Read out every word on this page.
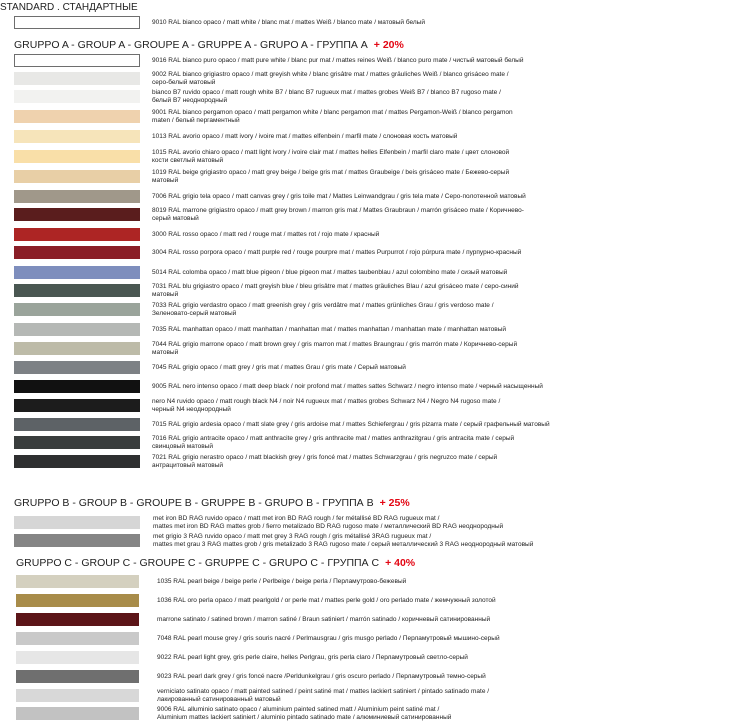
STANDARD . СТАНДАРТНЫЕ
9010 RAL bianco opaco / matt white / blanc mat / mattes Weiß / blanco mate / матовый белый
GRUPPO A - GROUP A - GROUPE A - GRUPPE A - GRUPO A - ГРУППА А + 20%
9016 RAL bianco puro opaco / matt pure white / blanc pur mat / mattes reines Weiß / blanco puro mate / чистый матовый белый
9002 RAL bianco grigiastro opaco / matt greyish white / blanc grisâtre mat / mattes gräuliches Weiß / blanco grisáceo mate /
серо-белый матовый
bianco B7 ruvido opaco / matt rough white B7 / blanc B7 rugueux mat / mattes grobes Weiß B7 / blanco B7 rugoso mate /
белый B7 неоднородный
9001 RAL bianco pergamon opaco / matt pergamon white / blanc pergamon mat / mattes Pergamon-Weiß / blanco pergamon
maten / белый пергаментный
1013 RAL avorio opaco / matt ivory / ivoire mat / mattes elfenbein / marfil mate / слоновая кость матовый
1015 RAL avorio chiaro opaco / matt light ivory / ivoire clair mat / mattes helles Elfenbein / marfil claro mate / цвет слоновой
кости светлый матовый
1019 RAL beige grigiastro opaco / matt grey beige / beige gris mat / mattes Graubeige / beis grisáceo mate / Бежево-серый
матовый
7006 RAL grigio tela opaco / matt canvas grey / gris toile mat / Mattes Leinwandgrau / gris tela mate / Серо-полотенной матовый
8019 RAL marrone grigiastro opaco / matt grey brown / marron gris mat / Mattes Graubraun / marrón grisáceo mate / Коричнево-
серый матовый
3000 RAL rosso opaco / matt red / rouge mat / mattes rot / rojo mate / красный
3004 RAL rosso porpora opaco / matt purple red / rouge pourpre mat / mattes Purpurrot / rojo púrpura mate / пурпурно-красный
5014 RAL colomba opaco / matt blue pigeon / blue pigeon mat / mattes taubenblau / azul colombino mate / сизый матовый
7031 RAL blu grigiastro opaco / matt greyish blue / bleu grisâtre mat / mattes gräuliches Blau / azul grisáceo mate / серо-синий
матовый
7033 RAL grigio verdastro opaco / matt greenish grey / gris verdâtre mat / mattes grünliches Grau / gris verdoso mate /
Зеленовато-серый матовый
7035 RAL manhattan opaco / matt manhattan / manhattan mat / mattes manhattan / manhattan mate / manhattan матовый
7044 RAL grigio marrone opaco / matt brown grey / gris marron mat / mattes Braungrau / gris marrón mate / Коричнево-серый
матовый
7045 RAL grigio opaco / matt grey / gris mat / mattes Grau / gris mate / Серый матовый
9005 RAL nero intenso opaco / matt deep black / noir profond mat / mattes sattes Schwarz / negro intenso mate / черный насыщенный
nero N4 ruvido opaco / matt rough black N4 / noir N4 rugueux mat / mattes grobes Schwarz N4 / Negro N4 rugoso mate /
черный N4 неоднородный
7015 RAL grigio ardesia opaco / matt slate grey / gris ardoise mat / mattes Schiefergrau / gris pizarra mate / серый графельный матовый
7016 RAL grigio antracite opaco / matt anthracite grey / gris anthracite mat / mattes anthrazitgrau / gris antracita mate / серый
свинцовый матовый
7021 RAL grigio nerastro opaco / matt blackish grey / gris foncé mat / mattes Schwarzgrau / gris negruzco mate / серый
антрацитовый матовый
GRUPPO B - GROUP B - GROUPE B - GRUPPE B - GRUPO B - ГРУППА В + 25%
met iron BD RAG ruvido opaco / matt met iron BD RAG rough / fer métallisé BD RAG rugueux mat /
mattes met iron BD RAG mattes grob / fierro metalizado BD RAG rugoso mate / металлический BD RAG неоднородный
met grigio 3 RAG ruvido opaco / matt met grey 3 RAG rough / gris métallisé 3RAG rugueux mat /
mattes met grau 3 RAG mattes grob / gris metalizado 3 RAG rugoso mate / серый металлический 3 RAG неоднородный матовый
GRUPPO C - GROUP C - GROUPE C - GRUPPE C - GRUPO C - ГРУППА С + 40%
1035 RAL pearl beige / beige perle / Perlbeige / beige perla / Перламутрово-бежевый
1036 RAL oro perla opaco / matt pearlgold / or perle mat / mattes perle gold / oro perlado mate / жемчужный золотой
marrone satinato / satined brown / marron satiné / Braun satiniert / marrón satinado / коричневый сатинированный
7048 RAL pearl mouse grey / gris souris nacré / Perlmausgrau / gris musgo perlado / Перламутровый мышино-серый
9022 RAL pearl light grey, gris perle claire, helles Perlgrau, gris perla claro / Перламутровый светло-серый
9023 RAL pearl dark grey / gris foncé nacre /Perldunkelgrau / gris oscuro perlado / Перламутровый темно-серый
verniciato satinato opaco / matt painted satined / peint satiné mat / mattes lackiert satiniert / pintado satinado mate /
лакированный сатинированный матовый
9006 RAL alluminio satinato opaco / aluminium painted satined matt / Aluminium peint satiné mat /
Aluminium mattes lackiert satiniert / aluminio pintado satinado mate / алюминиевый сатинированный
